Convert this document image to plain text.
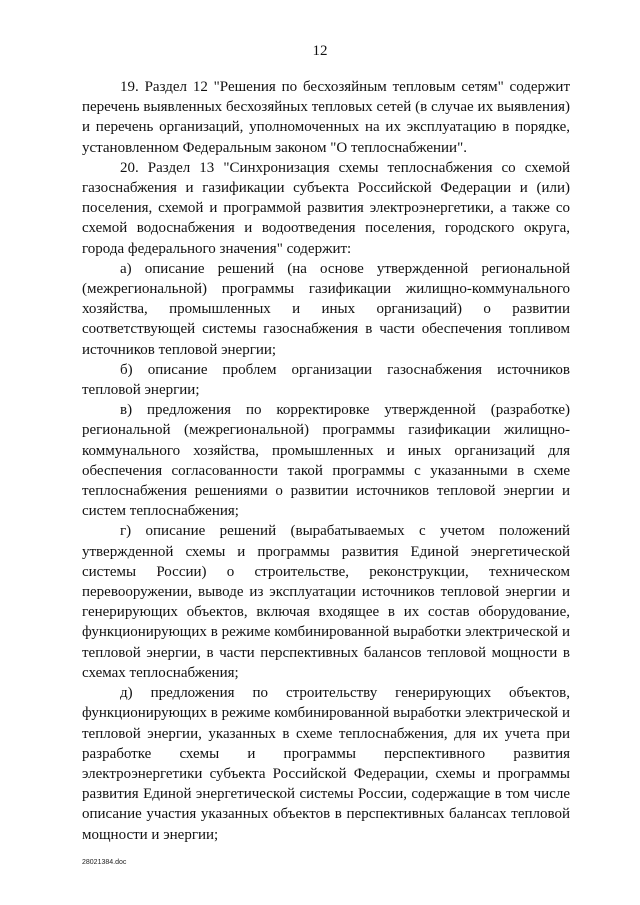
12

19. Раздел 12 "Решения по бесхозяйным тепловым сетям" содержит перечень выявленных бесхозяйных тепловых сетей (в случае их выявления) и перечень организаций, уполномоченных на их эксплуатацию в порядке, установленном Федеральным законом "О теплоснабжении".

20. Раздел 13 "Синхронизация схемы теплоснабжения со схемой газоснабжения и газификации субъекта Российской Федерации и (или) поселения, схемой и программой развития электроэнергетики, а также со схемой водоснабжения и водоотведения поселения, городского округа, города федерального значения" содержит:

а) описание решений (на основе утвержденной региональной (межрегиональной) программы газификации жилищно-коммунального хозяйства, промышленных и иных организаций) о развитии соответствующей системы газоснабжения в части обеспечения топливом источников тепловой энергии;

б) описание проблем организации газоснабжения источников тепловой энергии;

в) предложения по корректировке утвержденной (разработке) региональной (межрегиональной) программы газификации жилищно-коммунального хозяйства, промышленных и иных организаций для обеспечения согласованности такой программы с указанными в схеме теплоснабжения решениями о развитии источников тепловой энергии и систем теплоснабжения;

г) описание решений (вырабатываемых с учетом положений утвержденной схемы и программы развития Единой энергетической системы России) о строительстве, реконструкции, техническом перевооружении, выводе из эксплуатации источников тепловой энергии и генерирующих объектов, включая входящее в их состав оборудование, функционирующих в режиме комбинированной выработки электрической и тепловой энергии, в части перспективных балансов тепловой мощности в схемах теплоснабжения;

д) предложения по строительству генерирующих объектов, функционирующих в режиме комбинированной выработки электрической и тепловой энергии, указанных в схеме теплоснабжения, для их учета при разработке схемы и программы перспективного развития электроэнергетики субъекта Российской Федерации, схемы и программы развития Единой энергетической системы России, содержащие в том числе описание участия указанных объектов в перспективных балансах тепловой мощности и энергии;

28021384.doc
